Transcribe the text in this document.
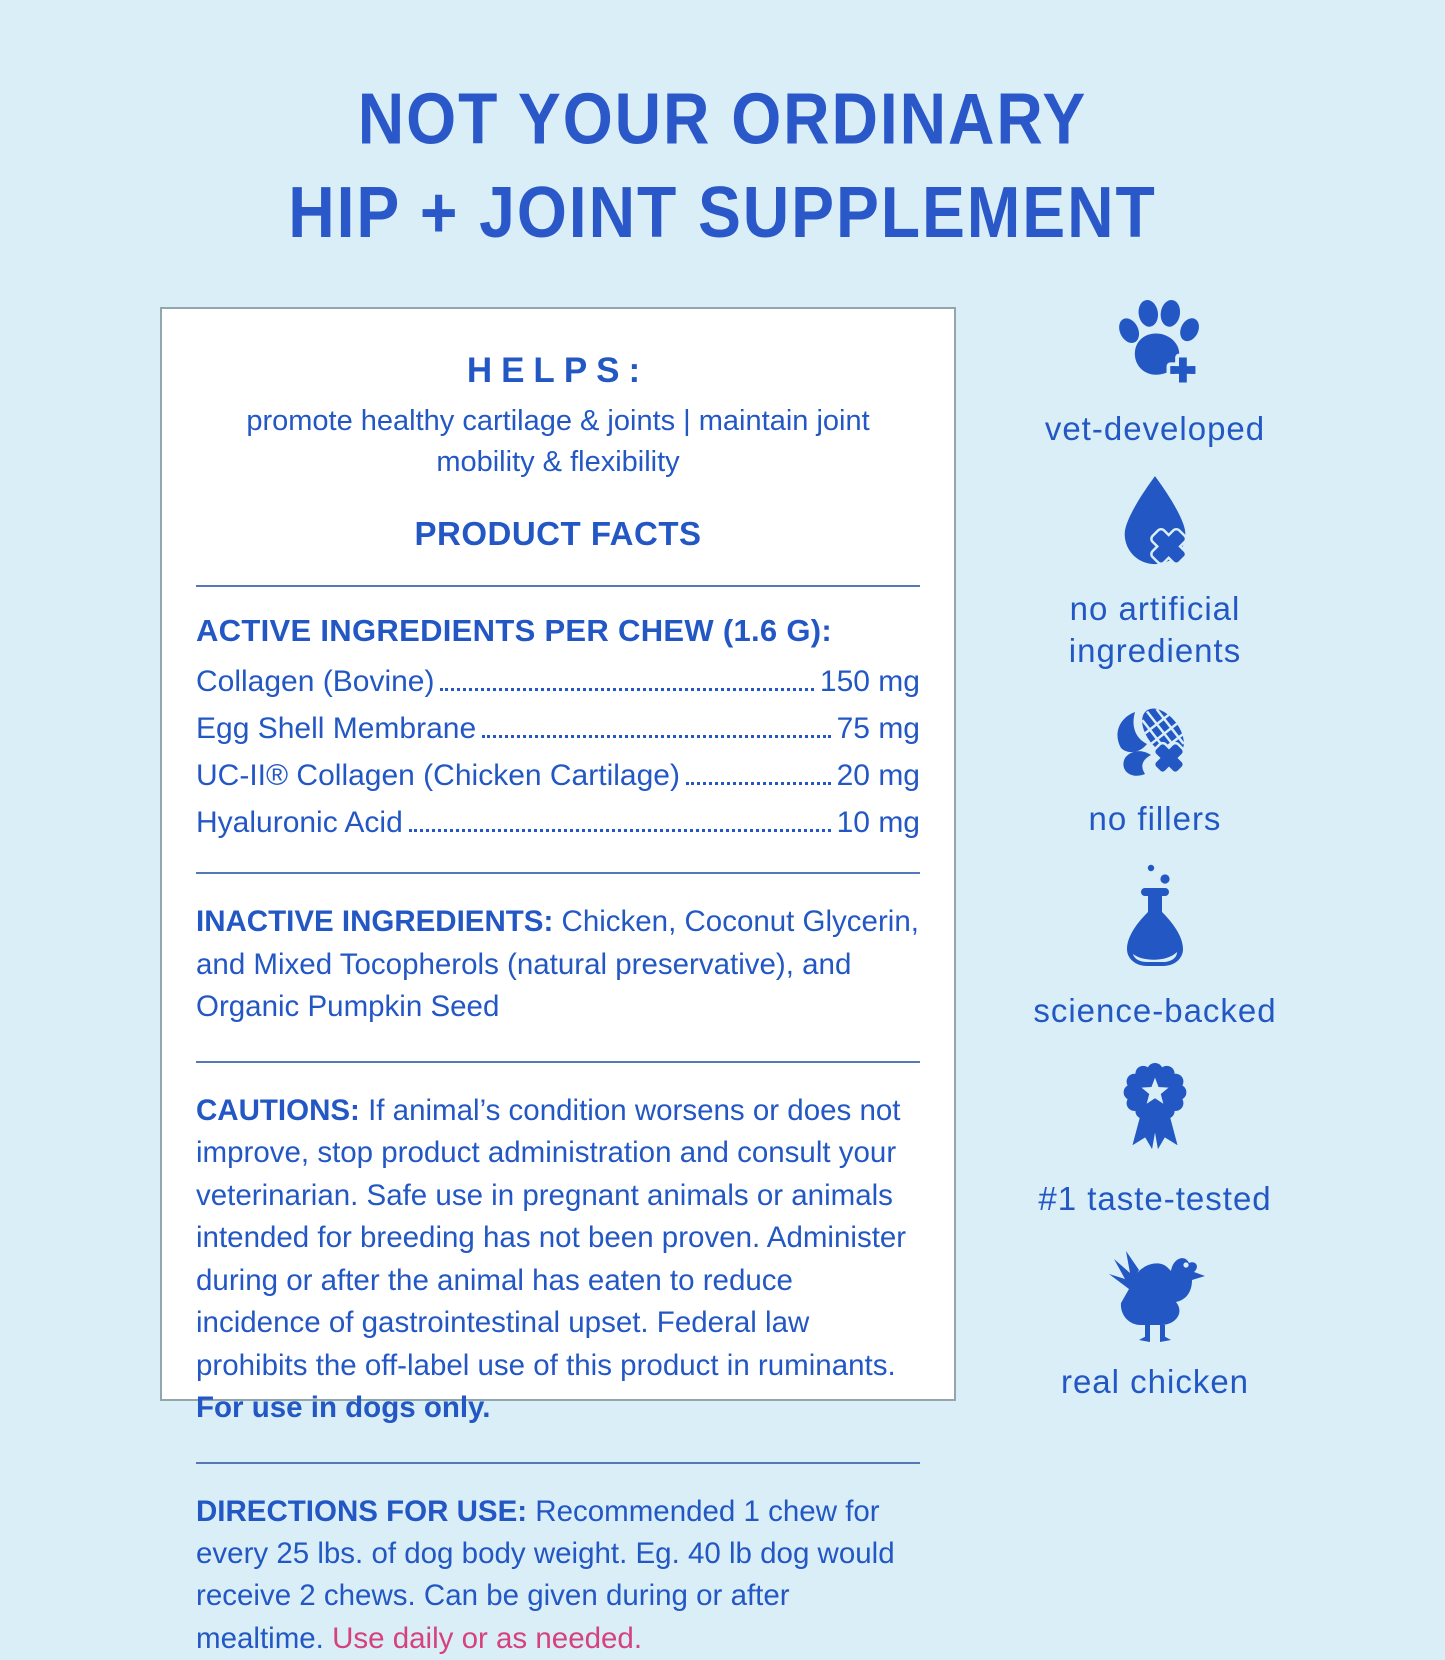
NOT YOUR ORDINARY
HIP + JOINT SUPPLEMENT
HELPS:
promote healthy cartilage & joints | maintain joint mobility & flexibility
PRODUCT FACTS
ACTIVE INGREDIENTS PER CHEW (1.6 G):
Collagen (Bovine)	150 mg
Egg Shell Membrane	75 mg
UC-II® Collagen (Chicken Cartilage)	20 mg
Hyaluronic Acid	10 mg

INACTIVE INGREDIENTS: Chicken, Coconut Glycerin, and Mixed Tocopherols (natural preservative), and Organic Pumpkin Seed

CAUTIONS: If animal’s condition worsens or does not improve, stop product administration and consult your veterinarian. Safe use in pregnant animals or animals intended for breeding has not been proven. Administer during or after the animal has eaten to reduce incidence of gastrointestinal upset. Federal law prohibits the off-label use of this product in ruminants. For use in dogs only.

DIRECTIONS FOR USE: Recommended 1 chew for every 25 lbs. of dog body weight. Eg. 40 lb dog would receive 2 chews. Can be given during or after mealtime. Use daily or as needed.

vet-developed
no artificial ingredients
no fillers
science-backed
#1 taste-tested
real chicken
